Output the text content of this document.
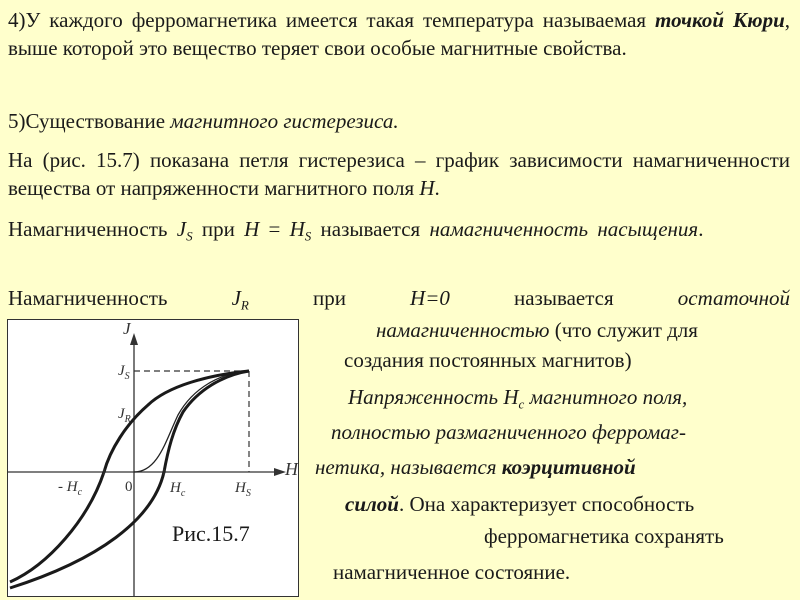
4)У каждого ферромагнетика имеется такая температура называемая точкой Кюри, выше которой это вещество теряет свои особые магнитные свойства.
5)Существование магнитного гистерезиса.
На (рис. 15.7) показана петля гистерезиса – график зависимости намагниченности вещества от напряженности магнитного поля H.
Намагниченность $J_S$ при $H = H_S$ называется намагниченность насыщения.
Намагниченность	$J_R$	при	H=0	называется	остаточной
намагниченностью (что служит для
создания постоянных магнитов)
Напряженность $H_c$ магнитного поля,
полностью размагниченного ферромаг-
нетика, называется коэрцитивной
силой. Она характеризует способность
ферромагнетика сохранять
намагниченное состояние.
J
H
$J_S$
$J_R$
- $H_c$	0	$H_c$	$H_S$
Рис.15.7
